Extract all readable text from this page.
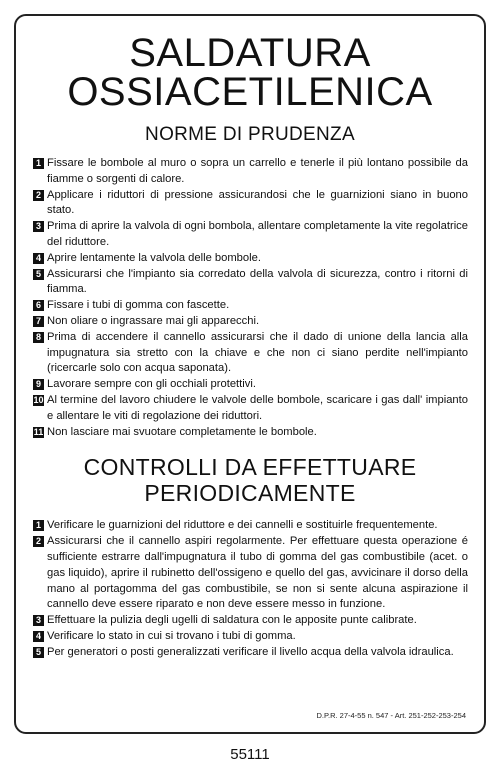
SALDATURA
OSSIACETILENICA
NORME DI PRUDENZA
1 Fissare le bombole al muro o sopra un carrello e tenerle il più lontano possibile da fiamme o sorgenti di calore.
2 Applicare i riduttori di pressione assicurandosi che le guarnizioni siano in buono stato.
3 Prima di aprire la valvola di ogni bombola, allentare completamente la vite regolatrice del riduttore.
4 Aprire lentamente la valvola delle bombole.
5 Assicurarsi che l'impianto sia corredato della valvola di sicurezza, contro i ritorni di fiamma.
6 Fissare i tubi di gomma con fascette.
7 Non oliare o ingrassare mai gli apparecchi.
8 Prima di accendere il cannello assicurarsi che il dado di unione della lancia alla impugnatura sia stretto con la chiave e che non ci siano perdite nell'impianto (ricercarle solo con acqua saponata).
9 Lavorare sempre con gli occhiali protettivi.
10 Al termine del lavoro chiudere le valvole delle bombole, scaricare i gas dall' impianto e allentare le viti di regolazione dei riduttori.
11 Non lasciare mai svuotare completamente le bombole.
CONTROLLI DA EFFETTUARE
PERIODICAMENTE
1 Verificare le guarnizioni del riduttore e dei cannelli e sostituirle frequentemente.
2 Assicurarsi che il cannello aspiri regolarmente. Per effettuare questa operazione é sufficiente estrarre dall'impugnatura il tubo di gomma del gas combustibile (acet. o gas liquido), aprire il rubinetto dell'ossigeno e quello del gas, avvicinare il dorso della mano al portagomma del gas combustibile, se non si sente alcuna aspirazione il cannello deve essere riparato e non deve essere messo in funzione.
3 Effettuare la pulizia degli ugelli di saldatura con le apposite punte calibrate.
4 Verificare lo stato in cui si trovano i tubi di gomma.
5 Per generatori o posti generalizzati verificare il livello acqua della valvola idraulica.
D.P.R. 27-4-55 n. 547 - Art. 251-252-253-254
55111
